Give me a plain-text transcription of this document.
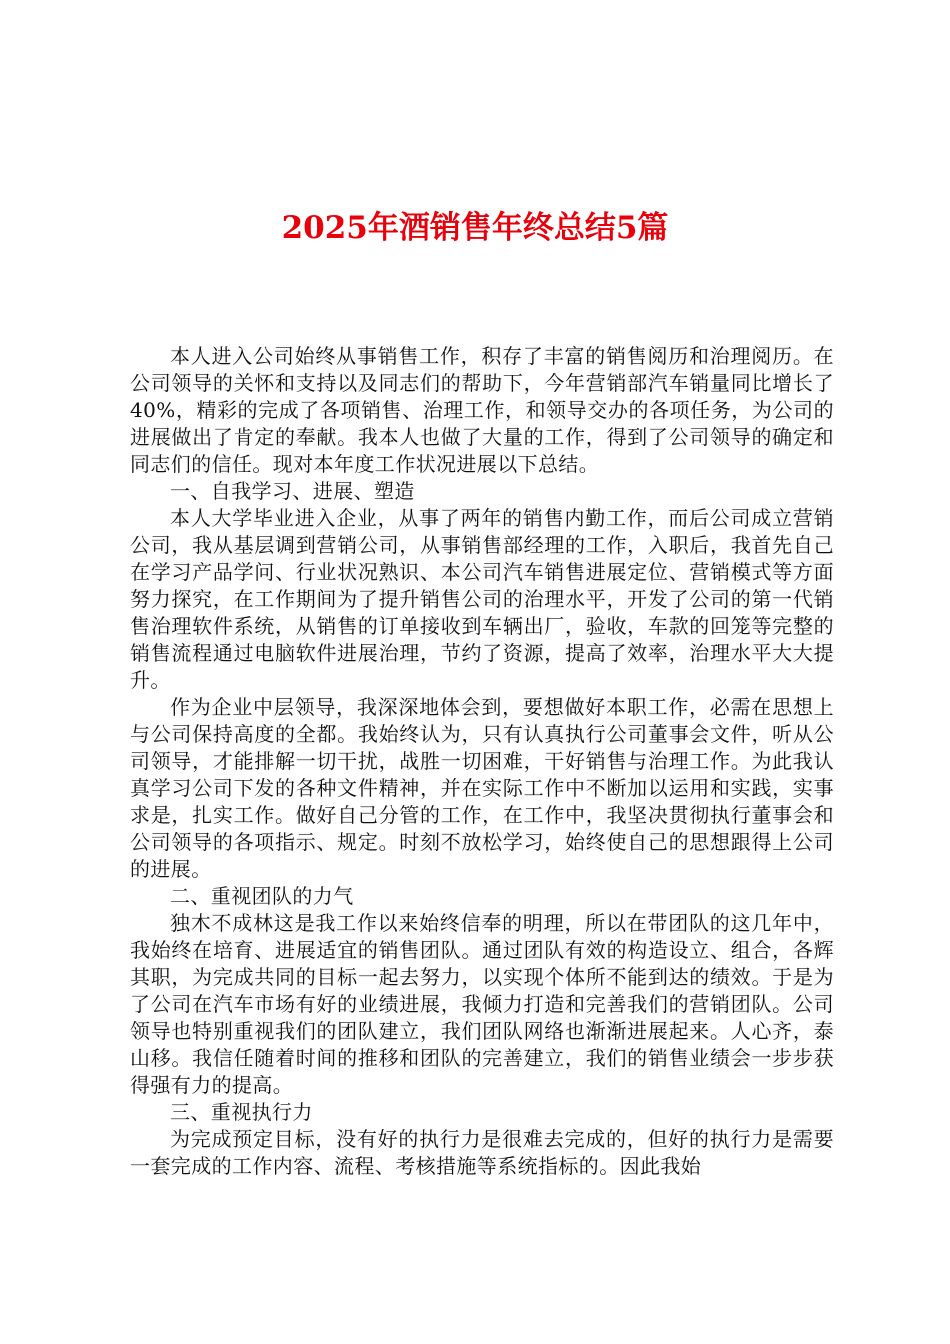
2025年酒销售年终总结5篇

本人进入公司始终从事销售工作，积存了丰富的销售阅历和治理阅历。在公司领导的关怀和支持以及同志们的帮助下，今年营销部汽车销量同比增长了40%，精彩的完成了各项销售、治理工作，和领导交办的各项任务，为公司的进展做出了肯定的奉献。我本人也做了大量的工作，得到了公司领导的确定和同志们的信任。现对本年度工作状况进展以下总结。

一、自我学习、进展、塑造

本人大学毕业进入企业，从事了两年的销售内勤工作，而后公司成立营销公司，我从基层调到营销公司，从事销售部经理的工作，入职后，我首先自己在学习产品学问、行业状况熟识、本公司汽车销售进展定位、营销模式等方面努力探究，在工作期间为了提升销售公司的治理水平，开发了公司的第一代销售治理软件系统，从销售的订单接收到车辆出厂，验收，车款的回笼等完整的销售流程通过电脑软件进展治理，节约了资源，提高了效率，治理水平大大提升。

作为企业中层领导，我深深地体会到，要想做好本职工作，必需在思想上与公司保持高度的全都。我始终认为，只有认真执行公司董事会文件，听从公司领导，才能排解一切干扰，战胜一切困难，干好销售与治理工作。为此我认真学习公司下发的各种文件精神，并在实际工作中不断加以运用和实践，实事求是，扎实工作。做好自己分管的工作，在工作中，我坚决贯彻执行董事会和公司领导的各项指示、规定。时刻不放松学习，始终使自己的思想跟得上公司的进展。

二、重视团队的力气

独木不成林这是我工作以来始终信奉的明理，所以在带团队的这几年中，我始终在培育、进展适宜的销售团队。通过团队有效的构造设立、组合，各辉其职，为完成共同的目标一起去努力，以实现个体所不能到达的绩效。于是为了公司在汽车市场有好的业绩进展，我倾力打造和完善我们的营销团队。公司领导也特别重视我们的团队建立，我们团队网络也渐渐进展起来。人心齐，泰山移。我信任随着时间的推移和团队的完善建立，我们的销售业绩会一步步获得强有力的提高。

三、重视执行力

为完成预定目标，没有好的执行力是很难去完成的，但好的执行力是需要一套完成的工作内容、流程、考核措施等系统指标的。因此我始
